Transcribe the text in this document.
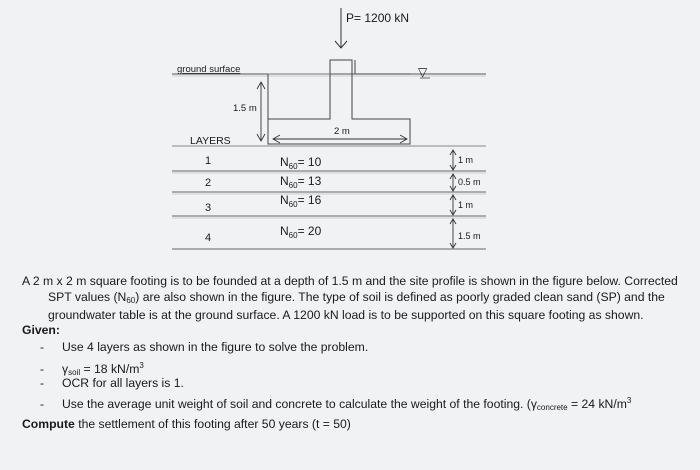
P= 1200 kN
ground surface	▽
1.5 m
2 m
LAYERS
1
2
3
4
$N_{60}= 10$
$N_{60}= 13$
$N_{60}= 16$
$N_{60}= 20$
1 m
0.5 m
1 m
1.5 m
A 2 m x 2 m square footing is to be founded at a depth of 1.5 m and the site profile is shown in the figure below. Corrected
SPT values $(N_{60})$ are also shown in the figure. The type of soil is defined as poorly graded clean sand (SP) and the
groundwater table is at the ground surface. A 1200 kN load is to be supported on this square footing as shown.
Given:
- Use 4 layers as shown in the figure to solve the problem.
- $\gamma_{soil} = 18$ $kN/m^3$
- OCR for all layers is 1.
- Use the average unit weight of soil and concrete to calculate the weight of the footing. ($\gamma_{concrete} = 24$ $kN/m^3$
Compute the settlement of this footing after 50 years (t = 50)
